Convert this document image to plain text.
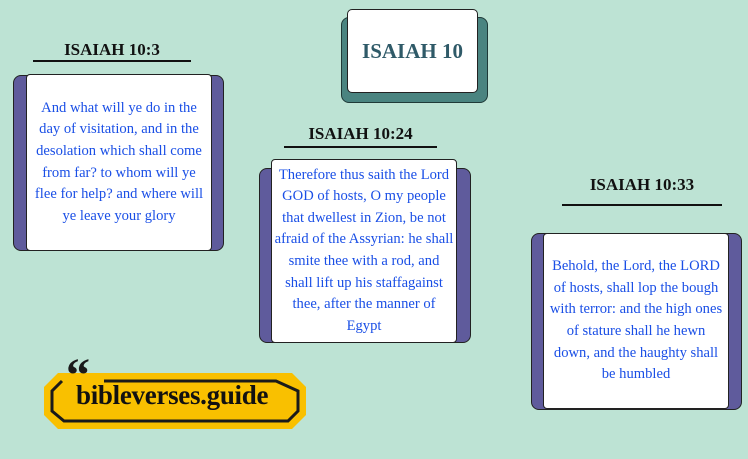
ISAIAH 10
ISAIAH 10:3

And what will ye do in the day of visitation, and in the desolation which shall come from far? to whom will ye flee for help? and where will ye leave your glory

ISAIAH 10:24

Therefore thus saith the Lord GOD of hosts, O my people that dwellest in Zion, be not afraid of the Assyrian: he shall smite thee with a rod, and shall lift up his staffagainst thee, after the manner of Egypt

ISAIAH 10:33

Behold, the Lord, the LORD of hosts, shall lop the bough with terror: and the high ones of stature shall he hewn down, and the haughty shall be humbled

“
bibleverses.guide
